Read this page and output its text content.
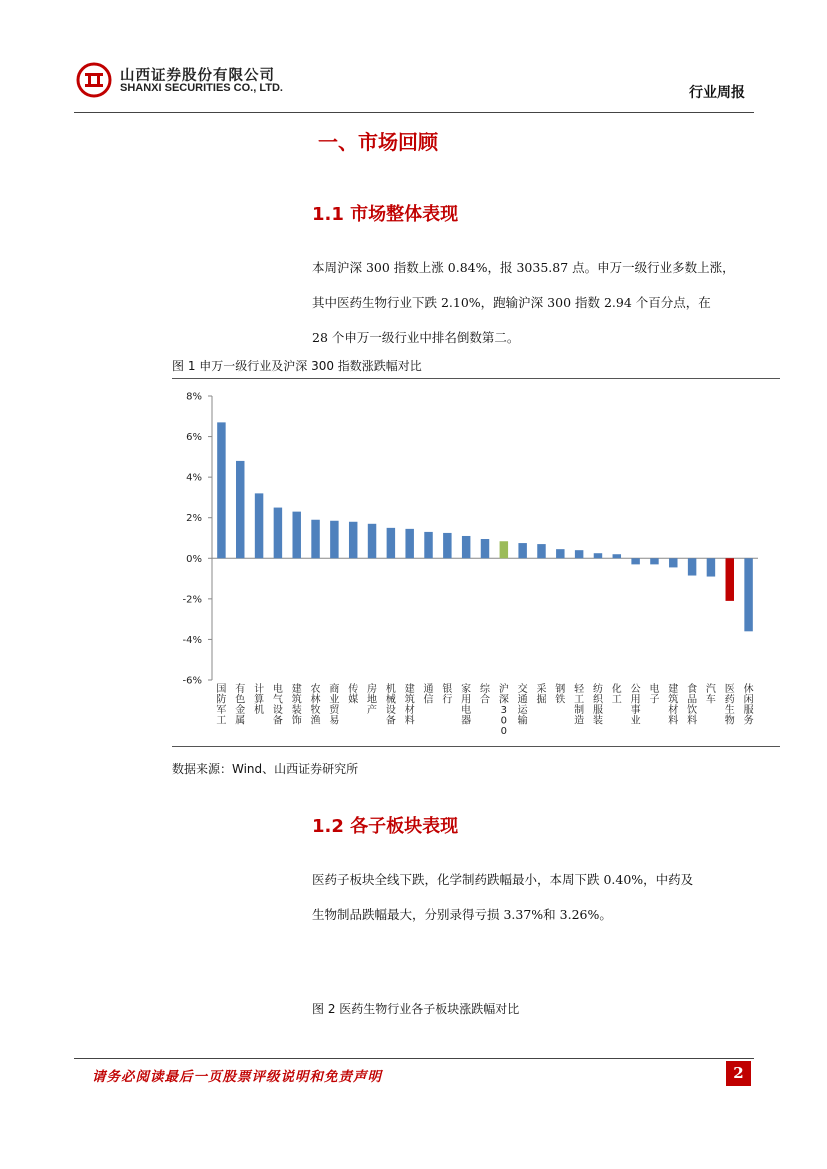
山西证券股份有限公司
SHANXI SECURITIES CO., LTD.	行业周报
一、市场回顾
1.1 市场整体表现

本周沪深 300 指数上涨 0.84%，报 3035.87 点。申万一级行业多数上涨，
其中医药生物行业下跌 2.10%，跑输沪深 300 指数 2.94 个百分点，在
28 个申万一级行业中排名倒数第二。

图 1 申万一级行业及沪深 300 指数涨跌幅对比
8%
6%
4%
2%
0%
-2%
-4%
-6%
国防军工
有色金属
计算机
电气设备
建筑装饰
农林牧渔
商业贸易
传媒
房地产
机械设备
建筑材料
通信
银行
家用电器
综合
沪深 3 0 0
交通运输
采掘
钢铁
轻工制造
纺织服装
化工
公用事业
电子
建筑材料
食品饮料
汽车
医药生物
休闲服务
数据来源：Wind、山西证券研究所
1.2 各子板块表现

医药子板块全线下跌，化学制药跌幅最小，本周下跌 0.40%，中药及
生物制品跌幅最大，分别录得亏损 3.37%和 3.26%。

图 2 医药生物行业各子板块涨跌幅对比
请务必阅读最后一页股票评级说明和免责声明	2
